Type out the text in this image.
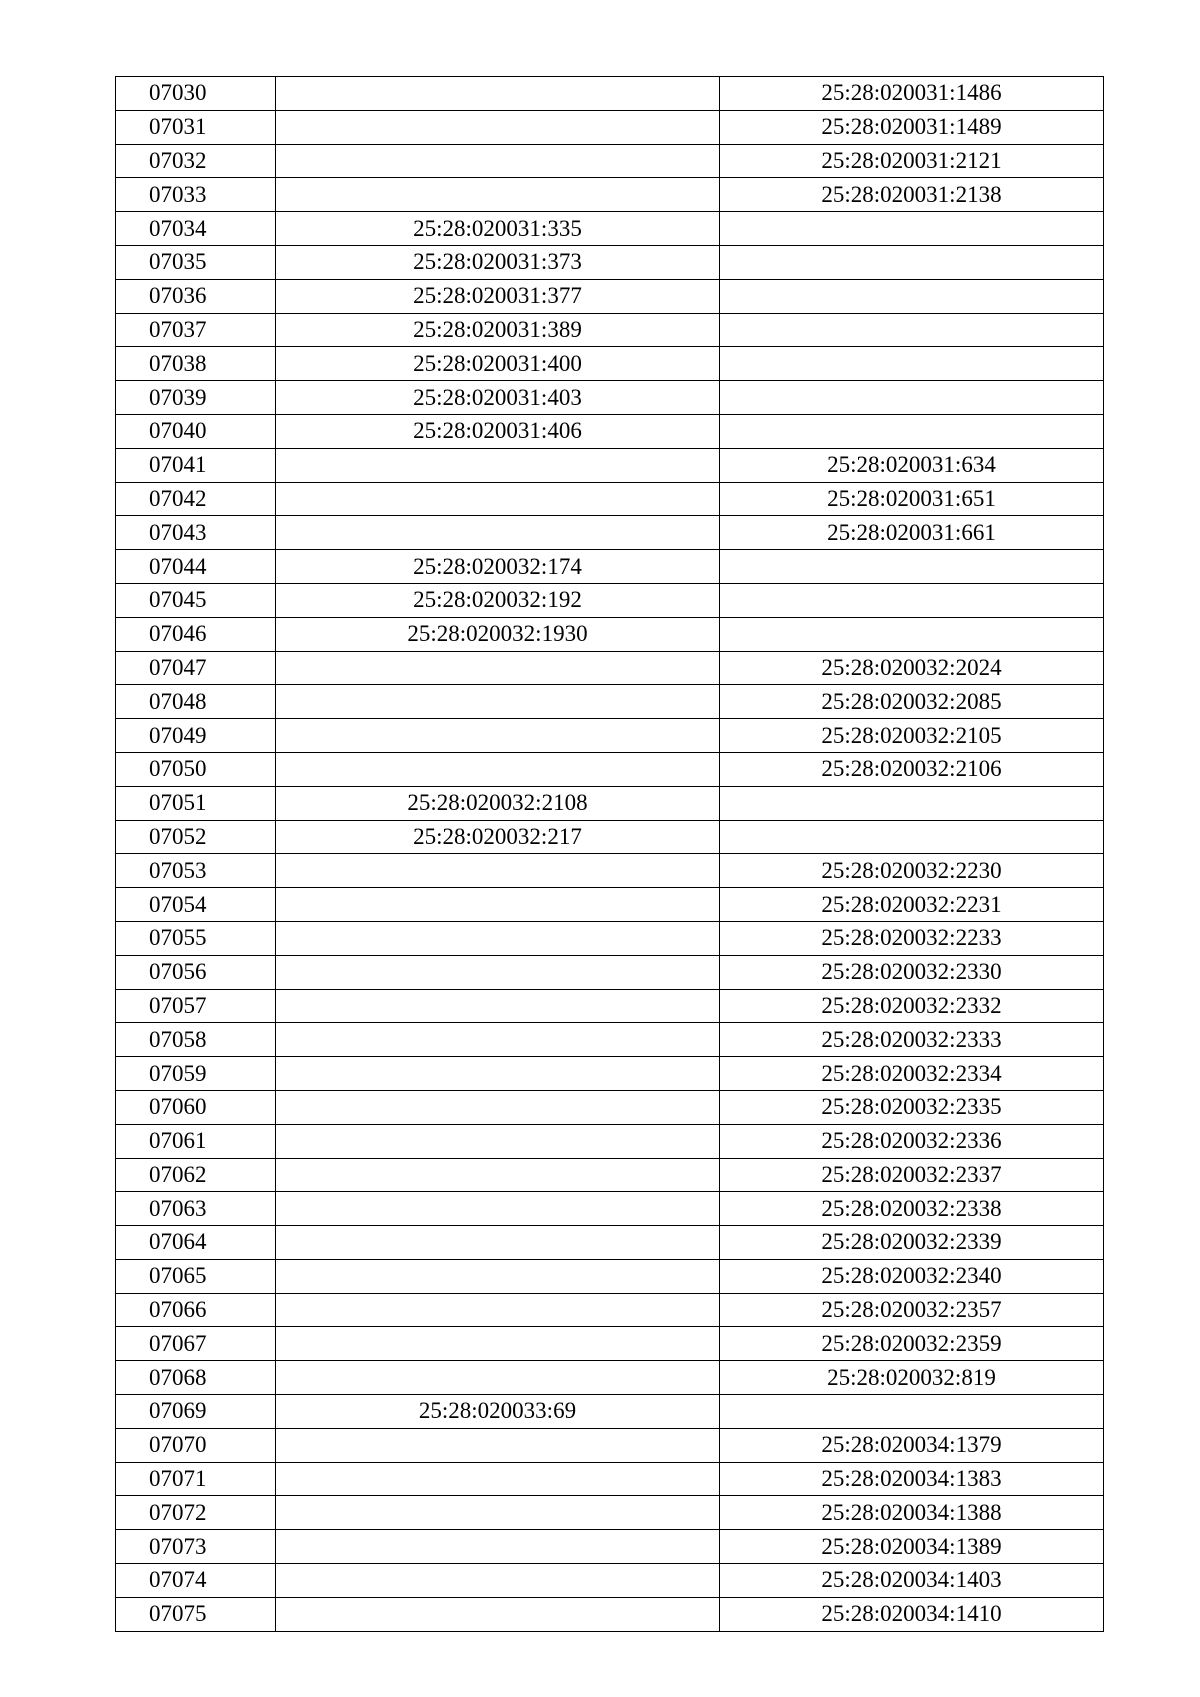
07030		25:28:020031:1486
07031		25:28:020031:1489
07032		25:28:020031:2121
07033		25:28:020031:2138
07034	25:28:020031:335	
07035	25:28:020031:373	
07036	25:28:020031:377	
07037	25:28:020031:389	
07038	25:28:020031:400	
07039	25:28:020031:403	
07040	25:28:020031:406	
07041		25:28:020031:634
07042		25:28:020031:651
07043		25:28:020031:661
07044	25:28:020032:174	
07045	25:28:020032:192	
07046	25:28:020032:1930	
07047		25:28:020032:2024
07048		25:28:020032:2085
07049		25:28:020032:2105
07050		25:28:020032:2106
07051	25:28:020032:2108	
07052	25:28:020032:217	
07053		25:28:020032:2230
07054		25:28:020032:2231
07055		25:28:020032:2233
07056		25:28:020032:2330
07057		25:28:020032:2332
07058		25:28:020032:2333
07059		25:28:020032:2334
07060		25:28:020032:2335
07061		25:28:020032:2336
07062		25:28:020032:2337
07063		25:28:020032:2338
07064		25:28:020032:2339
07065		25:28:020032:2340
07066		25:28:020032:2357
07067		25:28:020032:2359
07068		25:28:020032:819
07069	25:28:020033:69	
07070		25:28:020034:1379
07071		25:28:020034:1383
07072		25:28:020034:1388
07073		25:28:020034:1389
07074		25:28:020034:1403
07075		25:28:020034:1410
